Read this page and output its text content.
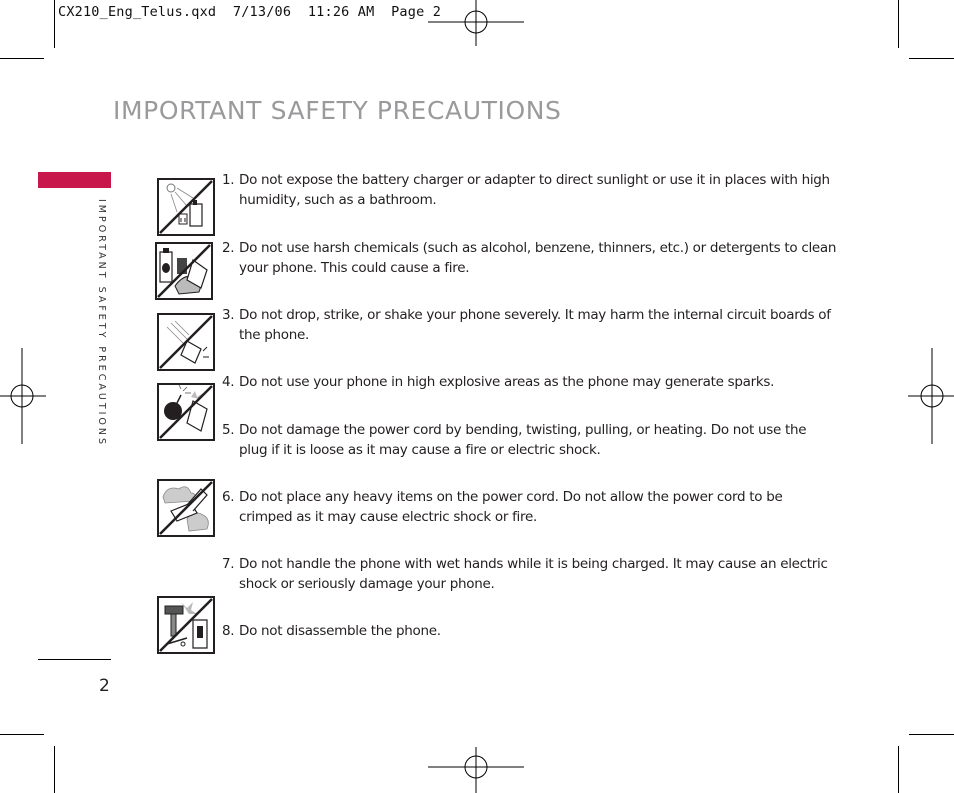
CX210_Eng_Telus.qxd  7/13/06  11:26 AM  Page 2
IMPORTANT SAFETY PRECAUTIONS
IMPORTANT SAFETY PRECAUTIONS
2
1. Do not expose the battery charger or adapter to direct sunlight or use it in places with high humidity, such as a bathroom.
2. Do not use harsh chemicals (such as alcohol, benzene, thinners, etc.) or detergents to clean your phone. This could cause a fire.
3. Do not drop, strike, or shake your phone severely. It may harm the internal circuit boards of the phone.
4. Do not use your phone in high explosive areas as the phone may generate sparks.
5. Do not damage the power cord by bending, twisting, pulling, or heating. Do not use the plug if it is loose as it may cause a fire or electric shock.
6. Do not place any heavy items on the power cord. Do not allow the power cord to be crimped as it may cause electric shock or fire.
7. Do not handle the phone with wet hands while it is being charged. It may cause an electric shock or seriously damage your phone.
8. Do not disassemble the phone.
